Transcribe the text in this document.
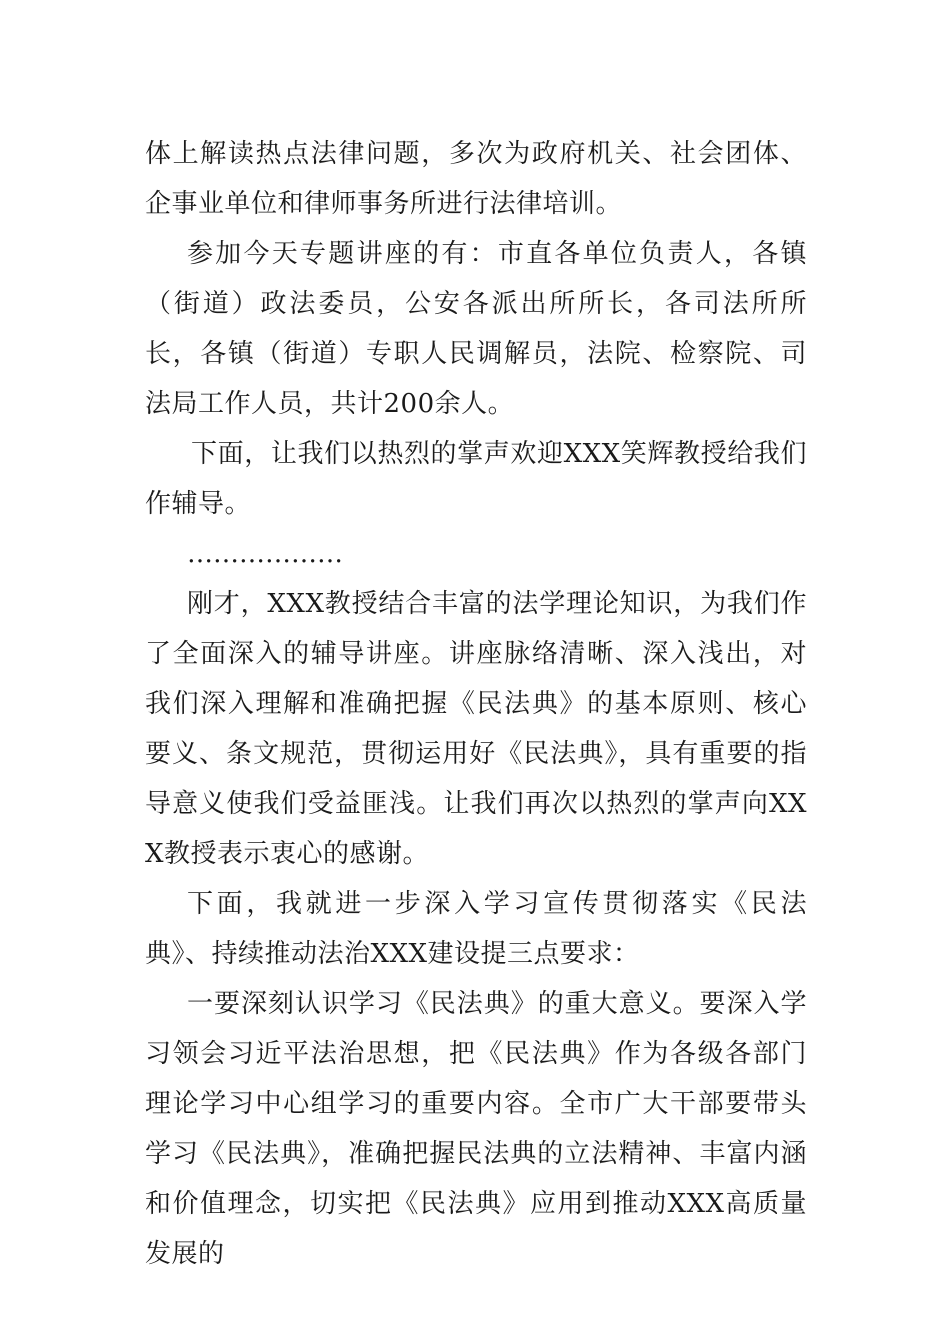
体上解读热点法律问题，多次为政府机关、社会团体、企事业单位和律师事务所进行法律培训。

参加今天专题讲座的有：市直各单位负责人，各镇（街道）政法委员，公安各派出所所长，各司法所所长，各镇（街道）专职人民调解员，法院、检察院、司法局工作人员，共计200余人。

下面，让我们以热烈的掌声欢迎XXX笑辉教授给我们作辅导。

………………

刚才，XXX教授结合丰富的法学理论知识，为我们作了全面深入的辅导讲座。讲座脉络清晰、深入浅出，对我们深入理解和准确把握《民法典》的基本原则、核心要义、条文规范，贯彻运用好《民法典》，具有重要的指导意义使我们受益匪浅。让我们再次以热烈的掌声向XXX教授表示衷心的感谢。

下面，我就进一步深入学习宣传贯彻落实《民法典》、持续推动法治XXX建设提三点要求：

一要深刻认识学习《民法典》的重大意义。要深入学习领会习近平法治思想，把《民法典》作为各级各部门理论学习中心组学习的重要内容。全市广大干部要带头学习《民法典》，准确把握民法典的立法精神、丰富内涵和价值理念，切实把《民法典》应用到推动XXX高质量发展的
